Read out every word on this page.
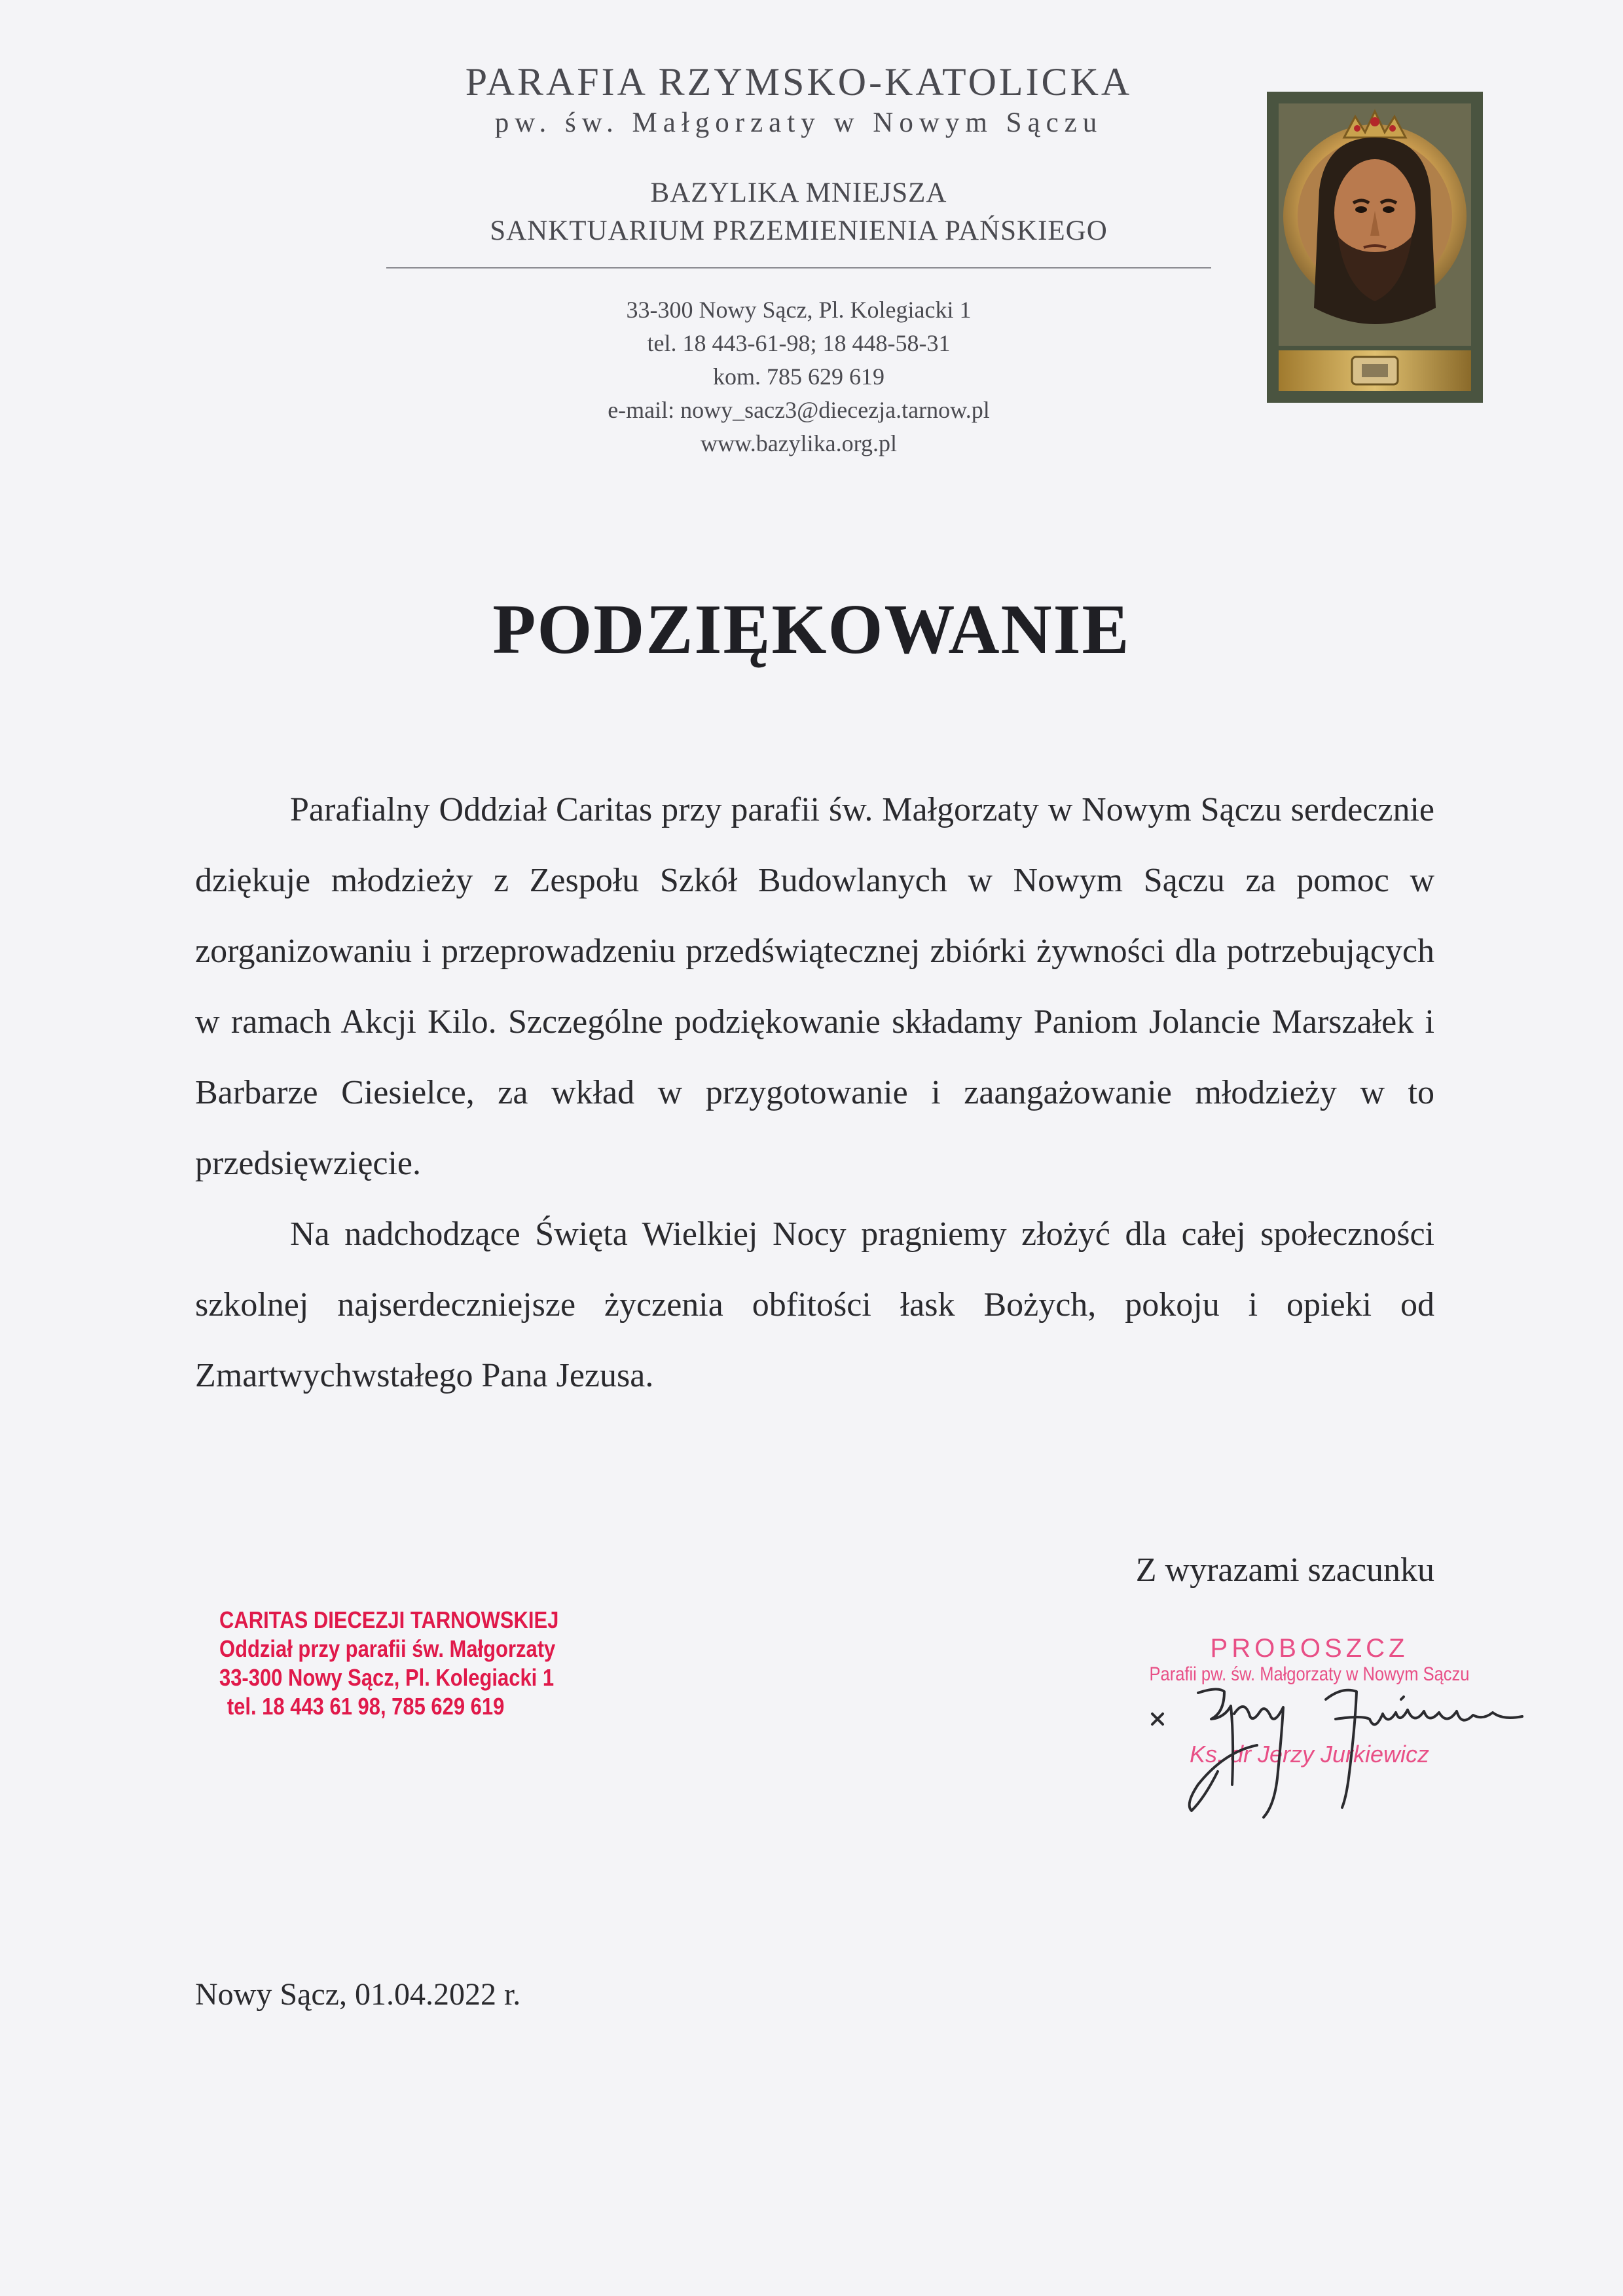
PARAFIA RZYMSKO-KATOLICKA
pw. św. Małgorzaty w Nowym Sączu
BAZYLIKA MNIEJSZA
SANKTUARIUM PRZEMIENIENIA PAŃSKIEGO
33-300 Nowy Sącz, Pl. Kolegiacki 1
tel. 18 443-61-98; 18 448-58-31
kom. 785 629 619
e-mail: nowy_sacz3@diecezja.tarnow.pl
www.bazylika.org.pl
PODZIĘKOWANIE

Parafialny Oddział Caritas przy parafii św. Małgorzaty w Nowym Sączu serdecznie dziękuje młodzieży z Zespołu Szkół Budowlanych w Nowym Sączu za pomoc w zorganizowaniu i przeprowadzeniu przedświątecznej zbiórki żywności dla potrzebujących w ramach Akcji Kilo. Szczególne podziękowanie składamy Paniom Jolancie Marszałek i Barbarze Ciesielce, za wkład w przygotowanie i zaangażowanie młodzieży w to przedsięwzięcie.

Na nadchodzące Święta Wielkiej Nocy pragniemy złożyć dla całej społeczności szkolnej najserdeczniejsze życzenia obfitości łask Bożych, pokoju i opieki od Zmartwychwstałego Pana Jezusa.

Z wyrazami szacunku
CARITAS DIECEZJI TARNOWSKIEJ
Oddział przy parafii św. Małgorzaty
33-300 Nowy Sącz, Pl. Kolegiacki 1
tel. 18 443 61 98, 785 629 619
PROBOSZCZ
Parafii pw. św. Małgorzaty w Nowym Sączu
Ks. dr Jerzy Jurkiewicz
Nowy Sącz, 01.04.2022 r.
